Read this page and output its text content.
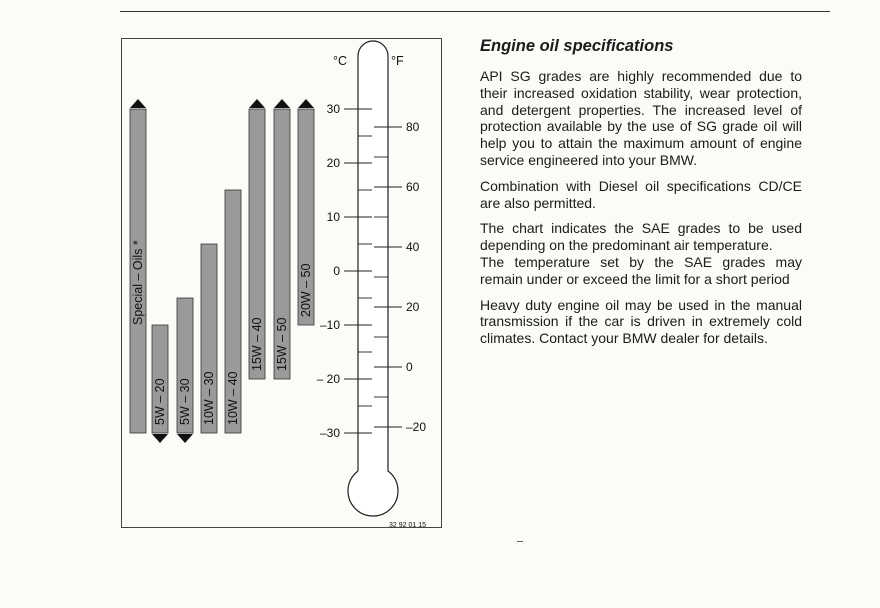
Special – Oils *
5W – 20 5W – 30 10W – 30 10W – 40
15W – 40 15W – 50
20W – 50
30
20
10
0
–10
– 20
–30
80
60
40
20
0
–20
°C	°F
32 92 01 15
Engine oil specifications

API SG grades are highly recommended due to their increased oxidation stability, wear protection, and detergent properties. The increased level of protection available by the use of SG grade oil will help you to attain the maximum amount of engine service engineered into your BMW.

Combination with Diesel oil specifications CD/CE are also permitted.

The chart indicates the SAE grades to be used depending on the predominant air temperature.

The temperature set by the SAE grades may remain under or exceed the limit for a short period

Heavy duty engine oil may be used in the manual transmission if the car is driven in extremely cold climates. Contact your BMW dealer for details.
